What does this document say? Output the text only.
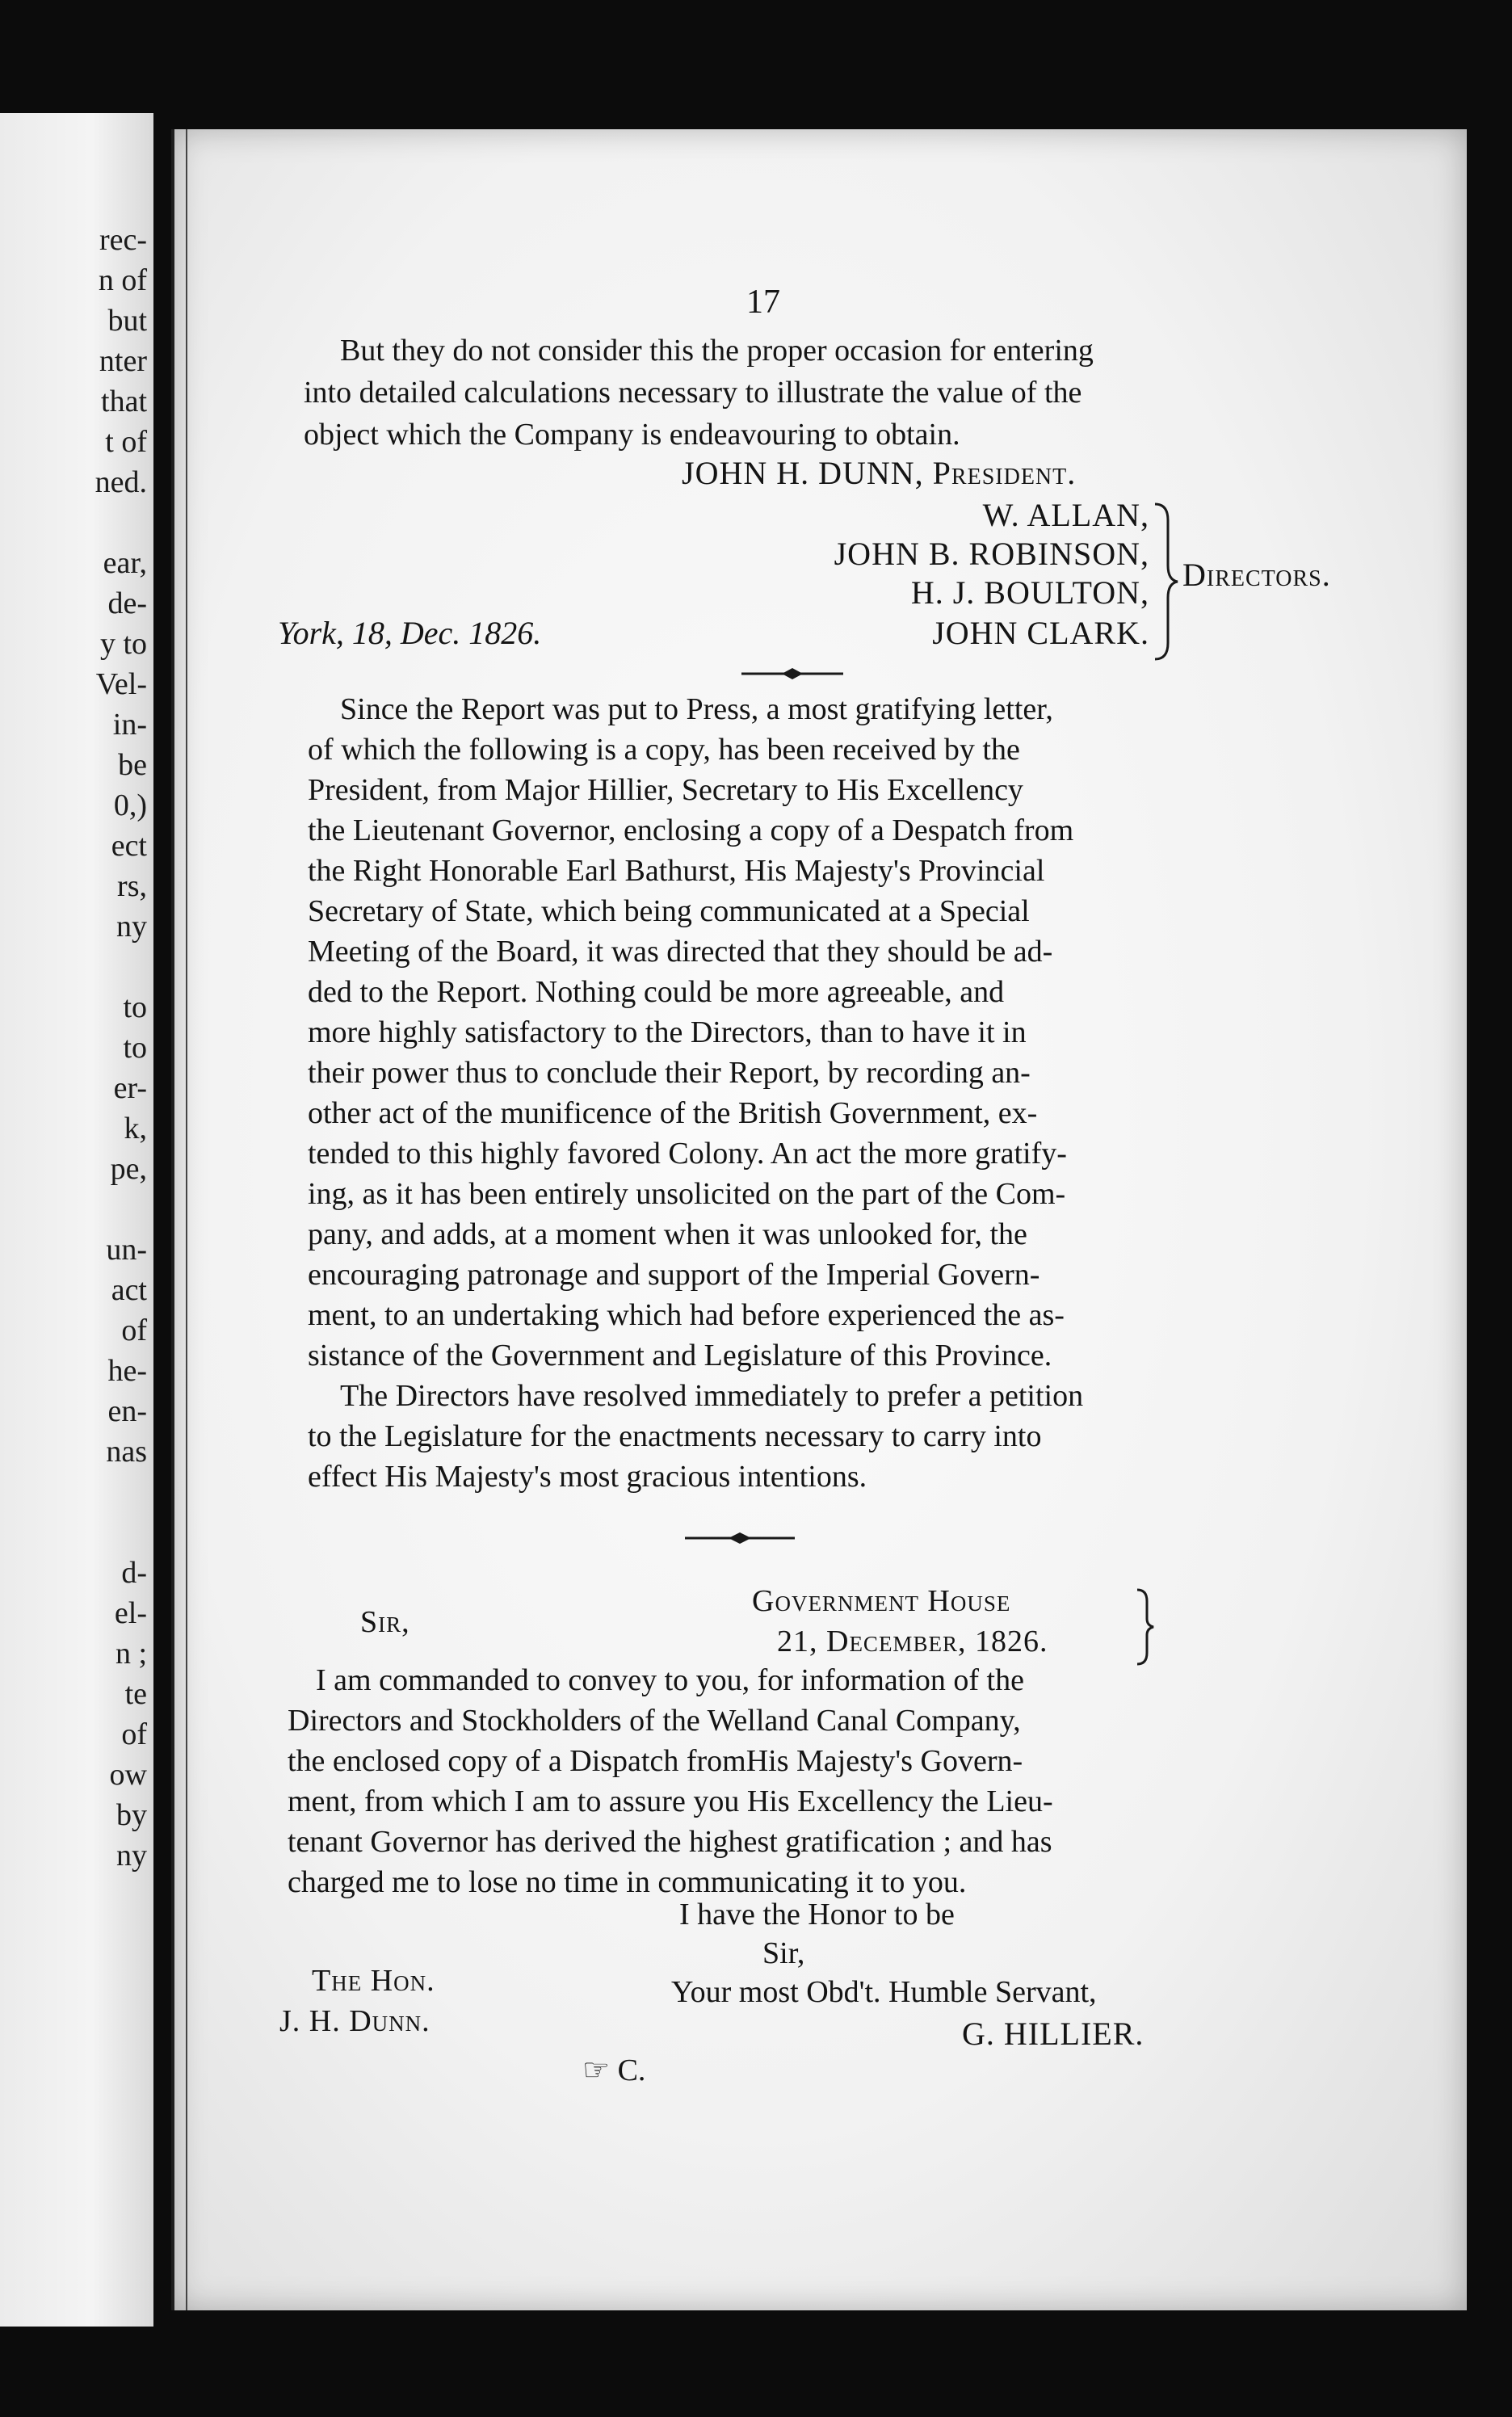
rec-
n of
but
nter
that
t of
ned.
ear,
de-
y to
Vel-
in-
be
0,)
ect
rs,
ny
to
to
er-
k,
pe,
un-
act
of
he-
en-
nas
d-
el-
n ;
te
of
ow
by
ny
17
But they do not consider this the proper occasion for entering
into detailed calculations necessary to illustrate the value of the
object which the Company is endeavouring to obtain.
JOHN H. DUNN, President.
W. ALLAN,
JOHN B. ROBINSON,
H. J. BOULTON,
JOHN CLARK.
Directors.
York, 18, Dec. 1826.
Since the Report was put to Press, a most gratifying letter,
of which the following is a copy, has been received by the
President, from Major Hillier, Secretary to His Excellency
the Lieutenant Governor, enclosing a copy of a Despatch from
the Right Honorable Earl Bathurst, His Majesty's Provincial
Secretary of State, which being communicated at a Special
Meeting of the Board, it was directed that they should be ad-
ded to the Report. Nothing could be more agreeable, and
more highly satisfactory to the Directors, than to have it in
their power thus to conclude their Report, by recording an-
other act of the munificence of the British Government, ex-
tended to this highly favored Colony. An act the more gratify-
ing, as it has been entirely unsolicited on the part of the Com-
pany, and adds, at a moment when it was unlooked for, the
encouraging patronage and support of the Imperial Govern-
ment, to an undertaking which had before experienced the as-
sistance of the Government and Legislature of this Province.
The Directors have resolved immediately to prefer a petition
to the Legislature for the enactments necessary to carry into
effect His Majesty's most gracious intentions.
Government House
21, December, 1826.
Sir,
I am commanded to convey to you, for information of the
Directors and Stockholders of the Welland Canal Company,
the enclosed copy of a Dispatch fromHis Majesty's Govern-
ment, from which I am to assure you His Excellency the Lieu-
tenant Governor has derived the highest gratification ; and has
charged me to lose no time in communicating it to you.
I have the Honor to be
Sir,
Your most Obd't. Humble Servant,
G. HILLIER.
The Hon.
J. H. Dunn.
☞ C.
